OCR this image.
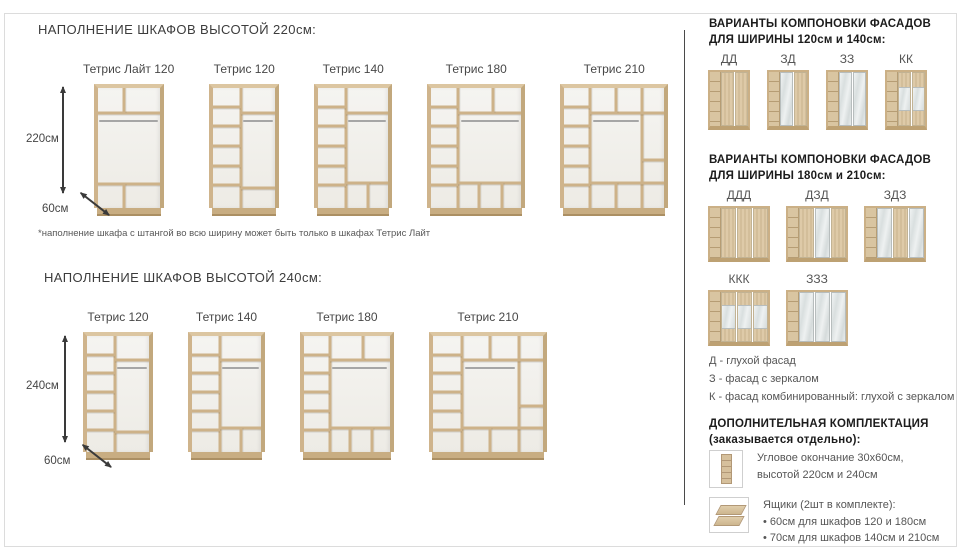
НАПОЛНЕНИЕ ШКАФОВ ВЫСОТОЙ 220см:
Тетрис Лайт 120	Тетрис 120	Тетрис 140	Тетрис 180	Тетрис 210
220см
60см
*наполнение шкафа с штангой во всю ширину может быть только в шкафах Тетрис Лайт
НАПОЛНЕНИЕ ШКАФОВ ВЫСОТОЙ 240см:
Тетрис 120	Тетрис 140	Тетрис 180	Тетрис 210
240см
60см
ВАРИАНТЫ КОМПОНОВКИ ФАСАДОВ
ДЛЯ ШИРИНЫ 120см и 140см:
ДД	ЗД	ЗЗ	КК
ВАРИАНТЫ КОМПОНОВКИ ФАСАДОВ
ДЛЯ ШИРИНЫ 180см и 210см:
ДДД	ДЗД	ЗДЗ
ККК	ЗЗЗ
Д - глухой фасад
З - фасад с зеркалом
К - фасад комбинированный: глухой с зеркалом
ДОПОЛНИТЕЛЬНАЯ КОМПЛЕКТАЦИЯ
(заказывается отдельно):
Угловое окончание 30х60см,
высотой 220см и 240см
Ящики (2шт в комплекте):
• 60см для шкафов 120 и 180см
• 70см для шкафов 140см и 210см
